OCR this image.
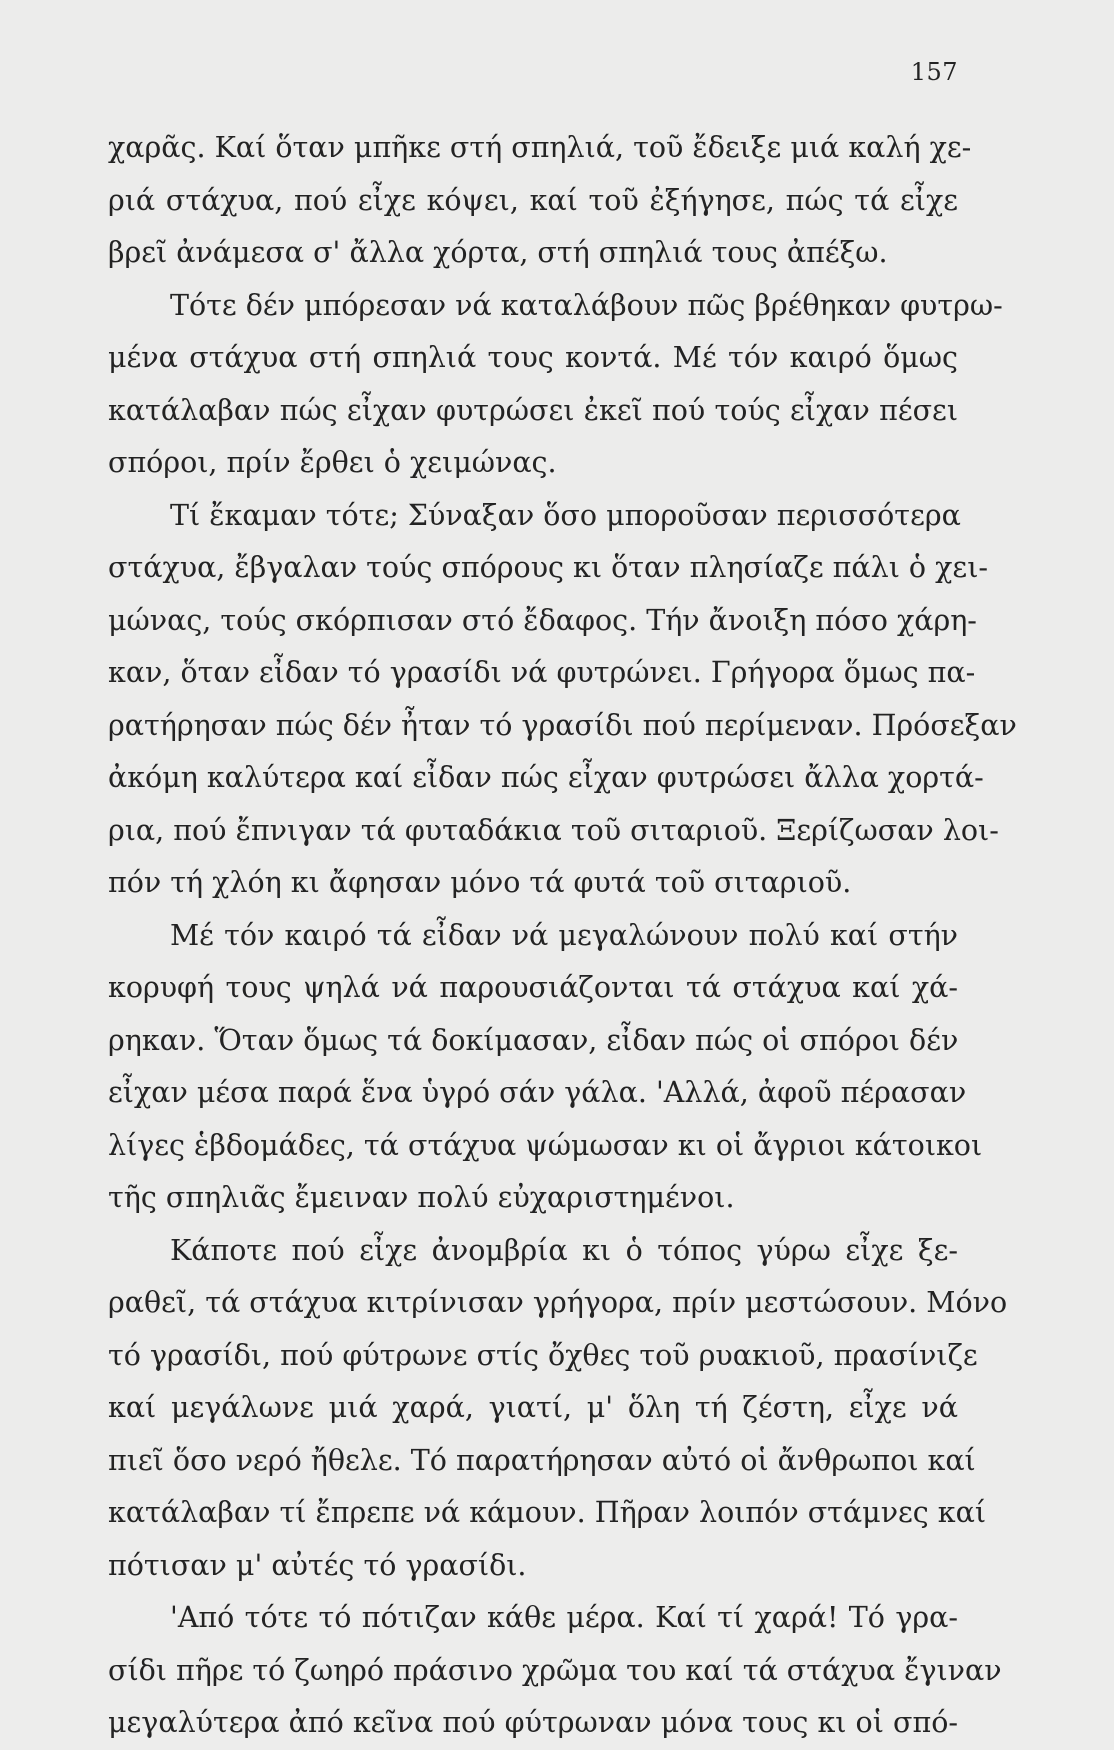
157
χαρᾶς. Καί ὅταν μπῆκε στή σπηλιά, τοῦ ἔδειξε μιά καλή χε-
ριά στάχυα, πού εἶχε κόψει, καί τοῦ ἐξήγησε, πώς τά εἶχε
βρεῖ ἀνάμεσα σ' ἄλλα χόρτα, στή σπηλιά τους ἀπέξω.
Τότε δέν μπόρεσαν νά καταλάβουν πῶς βρέθηκαν φυτρω-
μένα στάχυα στή σπηλιά τους κοντά. Μέ τόν καιρό ὅμως
κατάλαβαν πώς εἶχαν φυτρώσει ἐκεῖ πού τούς εἶχαν πέσει
σπόροι, πρίν ἔρθει ὁ χειμώνας.
Τί ἔκαμαν τότε; Σύναξαν ὅσο μποροῦσαν περισσότερα
στάχυα, ἔβγαλαν τούς σπόρους κι ὅταν πλησίαζε πάλι ὁ χει-
μώνας, τούς σκόρπισαν στό ἔδαφος. Τήν ἄνοιξη πόσο χάρη-
καν, ὅταν εἶδαν τό γρασίδι νά φυτρώνει. Γρήγορα ὅμως πα-
ρατήρησαν πώς δέν ἦταν τό γρασίδι πού περίμεναν. Πρόσεξαν
ἀκόμη καλύτερα καί εἶδαν πώς εἶχαν φυτρώσει ἄλλα χορτά-
ρια, πού ἔπνιγαν τά φυταδάκια τοῦ σιταριοῦ. Ξερίζωσαν λοι-
πόν τή χλόη κι ἄφησαν μόνο τά φυτά τοῦ σιταριοῦ.
Μέ τόν καιρό τά εἶδαν νά μεγαλώνουν πολύ καί στήν
κορυφή τους ψηλά νά παρουσιάζονται τά στάχυα καί χά-
ρηκαν. Ὅταν ὅμως τά δοκίμασαν, εἶδαν πώς οἱ σπόροι δέν
εἶχαν μέσα παρά ἕνα ὑγρό σάν γάλα. 'Αλλά, ἀφοῦ πέρασαν
λίγες ἑβδομάδες, τά στάχυα ψώμωσαν κι οἱ ἄγριοι κάτοικοι
τῆς σπηλιᾶς ἔμειναν πολύ εὐχαριστημένοι.
Κάποτε πού εἶχε ἀνομβρία κι ὁ τόπος γύρω εἶχε ξε-
ραθεῖ, τά στάχυα κιτρίνισαν γρήγορα, πρίν μεστώσουν. Μόνο
τό γρασίδι, πού φύτρωνε στίς ὄχθες τοῦ ρυακιοῦ, πρασίνιζε
καί μεγάλωνε μιά χαρά, γιατί, μ' ὅλη τή ζέστη, εἶχε νά
πιεῖ ὅσο νερό ἤθελε. Τό παρατήρησαν αὐτό οἱ ἄνθρωποι καί
κατάλαβαν τί ἔπρεπε νά κάμουν. Πῆραν λοιπόν στάμνες καί
πότισαν μ' αὐτές τό γρασίδι.
'Από τότε τό πότιζαν κάθε μέρα. Καί τί χαρά! Τό γρα-
σίδι πῆρε τό ζωηρό πράσινο χρῶμα του καί τά στάχυα ἔγιναν
μεγαλύτερα ἀπό κεῖνα πού φύτρωναν μόνα τους κι οἱ σπό-
